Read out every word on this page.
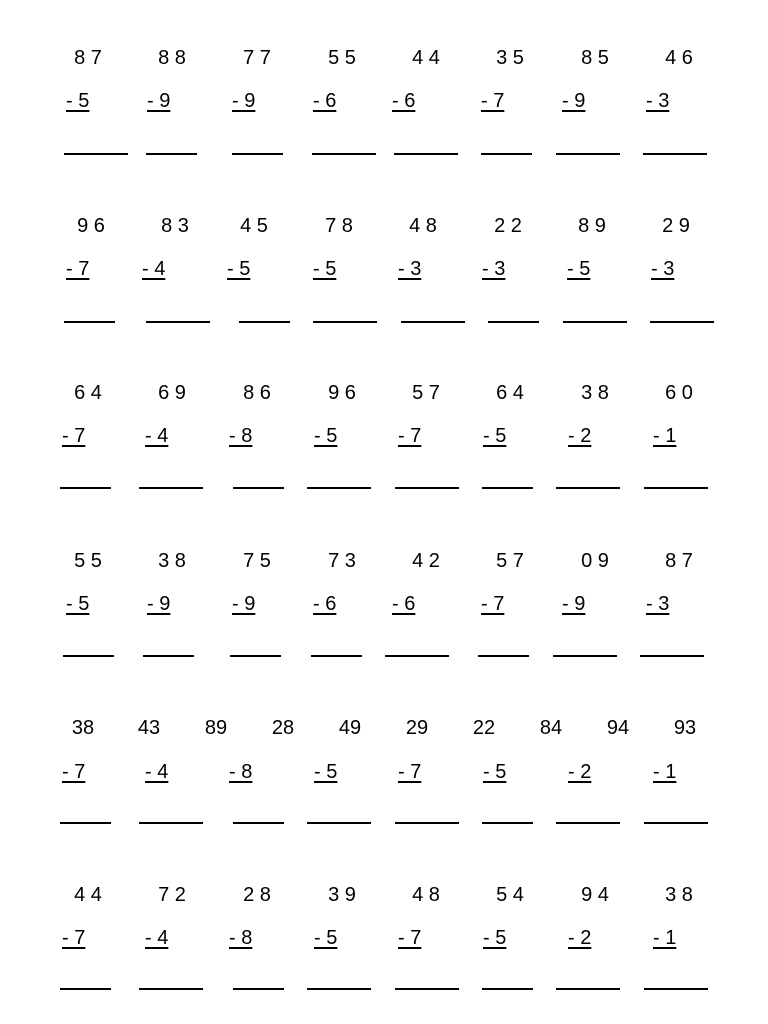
8 7	8 8	7 7	5 5	4 4	3 5	8 5	4 6
- 5	- 9	- 9	- 6	- 6	- 7	- 9	- 3
9 6	8 3	4 5	7 8	4 8	2 2	8 9	2 9
- 7	- 4	- 5	- 5	- 3	- 3	- 5	- 3
6 4	6 9	8 6	9 6	5 7	6 4	3 8	6 0
- 7	- 4	- 8	- 5	- 7	- 5	- 2	- 1
5 5	3 8	7 5	7 3	4 2	5 7	0 9	8 7
- 5	- 9	- 9	- 6	- 6	- 7	- 9	- 3
38 43 89 28 49 29 22 84 94 93
- 7	- 4	- 8	- 5	- 7	- 5	- 2	- 1
4 4	7 2	2 8	3 9	4 8	5 4	9 4	3 8
- 7	- 4	- 8	- 5	- 7	- 5	- 2	- 1
